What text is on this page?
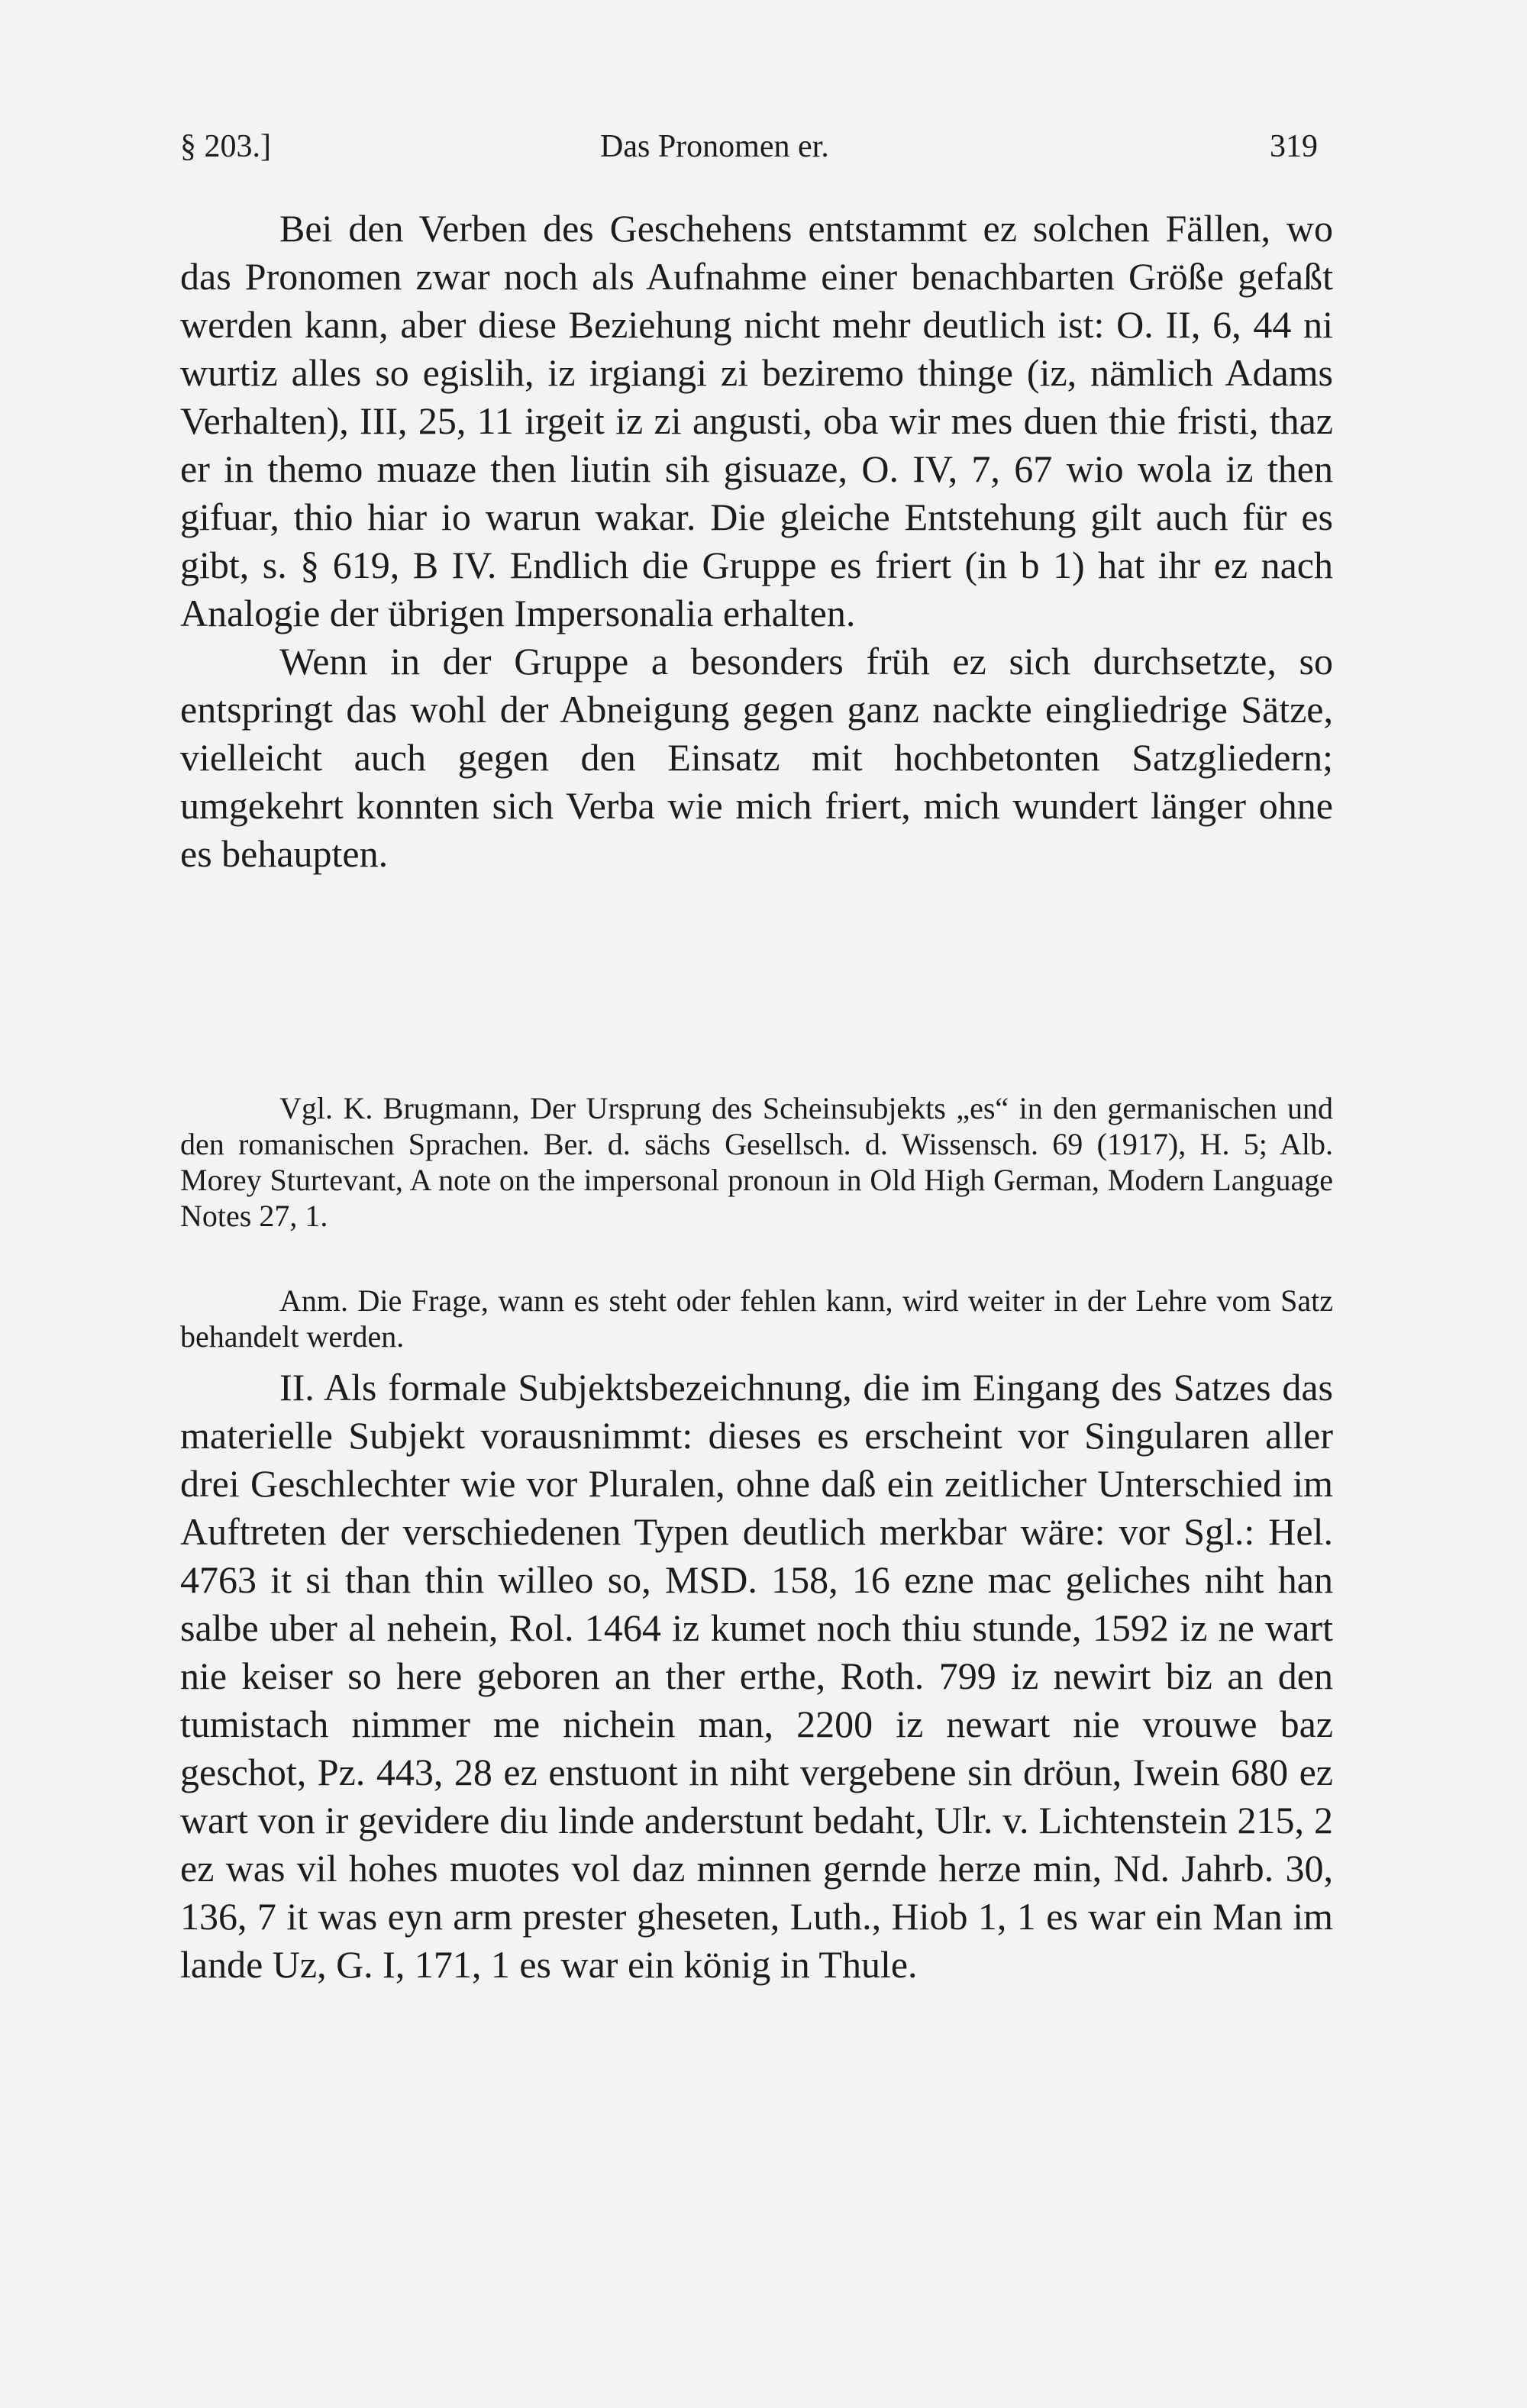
§ 203.]	Das Pronomen er.	319

Bei den Verben des Geschehens entstammt ez solchen Fällen, wo das Pronomen zwar noch als Aufnahme einer benachbarten Größe gefaßt werden kann, aber diese Beziehung nicht mehr deutlich ist: O. II, 6, 44 ni wurtiz alles so egislih, iz irgiangi zi beziremo thinge (iz, nämlich Adams Verhalten), III, 25, 11 irgeit iz zi angusti, oba wir mes duen thie fristi, thaz er in themo muaze then liutin sih gisuaze, O. IV, 7, 67 wio wola iz then gifuar, thio hiar io warun wakar. Die gleiche Entstehung gilt auch für es gibt, s. § 619, B IV. Endlich die Gruppe es friert (in b 1) hat ihr ez nach Analogie der übrigen Impersonalia erhalten.

Wenn in der Gruppe a besonders früh ez sich durchsetzte, so entspringt das wohl der Abneigung gegen ganz nackte eingliedrige Sätze, vielleicht auch gegen den Einsatz mit hochbetonten Satzgliedern; umgekehrt konnten sich Verba wie mich friert, mich wundert länger ohne es behaupten.

Vgl. K. Brugmann, Der Ursprung des Scheinsubjekts „es“ in den germanischen und den romanischen Sprachen. Ber. d. sächs Gesellsch. d. Wissensch. 69 (1917), H. 5; Alb. Morey Sturtevant, A note on the impersonal pronoun in Old High German, Modern Language Notes 27, 1.

Anm. Die Frage, wann es steht oder fehlen kann, wird weiter in der Lehre vom Satz behandelt werden.

II. Als formale Subjektsbezeichnung, die im Eingang des Satzes das materielle Subjekt vorausnimmt: dieses es erscheint vor Singularen aller drei Geschlechter wie vor Pluralen, ohne daß ein zeitlicher Unterschied im Auftreten der verschiedenen Typen deutlich merkbar wäre: vor Sgl.: Hel. 4763 it si than thin willeo so, MSD. 158, 16 ezne mac geliches niht han salbe uber al nehein, Rol. 1464 iz kumet noch thiu stunde, 1592 iz ne wart nie keiser so here geboren an ther erthe, Roth. 799 iz newirt biz an den tumistach nimmer me nichein man, 2200 iz newart nie vrouwe baz geschot, Pz. 443, 28 ez enstuont in niht vergebene sin dröun, Iwein 680 ez wart von ir gevidere diu linde anderstunt bedaht, Ulr. v. Lichtenstein 215, 2 ez was vil hohes muotes vol daz minnen gernde herze min, Nd. Jahrb. 30, 136, 7 it was eyn arm prester gheseten, Luth., Hiob 1, 1 es war ein Man im lande Uz, G. I, 171, 1 es war ein könig in Thule.
